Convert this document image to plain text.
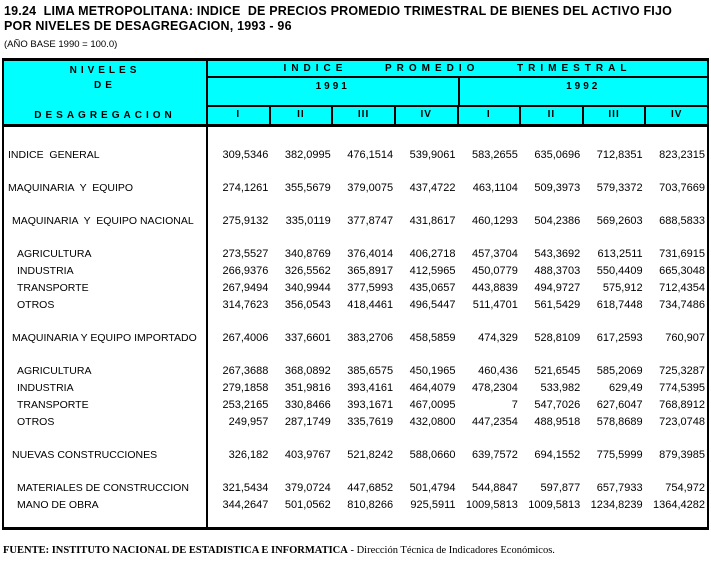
19.24  LIMA METROPOLITANA: INDICE  DE PRECIOS PROMEDIO TRIMESTRAL DE BIENES DEL ACTIVO FIJO
POR NIVELES DE DESAGREGACION, 1993 - 96
(AÑO BASE 1990 = 100.0)
NIVELES
DE
DESAGREGACION
INDICE  PROMEDIO  TRIMESTRAL
1991	1992
I	II	III	IV	I	II	III	IV
INDICE  GENERAL	309,5346	382,0995	476,1514	539,9061	583,2655	635,0696	712,8351	823,2315
MAQUINARIA  Y  EQUIPO	274,1261	355,5679	379,0075	437,4722	463,1104	509,3973	579,3372	703,7669
MAQUINARIA  Y  EQUIPO NACIONAL	275,9132	335,0119	377,8747	431,8617	460,1293	504,2386	569,2603	688,5833
AGRICULTURA	273,5527	340,8769	376,4014	406,2718	457,3704	543,3692	613,2511	731,6915
INDUSTRIA	266,9376	326,5562	365,8917	412,5965	450,0779	488,3703	550,4409	665,3048
TRANSPORTE	267,9494	340,9944	377,5993	435,0657	443,8839	494,9727	575,912	712,4354
OTROS	314,7623	356,0543	418,4461	496,5447	511,4701	561,5429	618,7448	734,7486
MAQUINARIA Y EQUIPO IMPORTADO	267,4006	337,6601	383,2706	458,5859	474,329	528,8109	617,2593	760,907
AGRICULTURA	267,3688	368,0892	385,6575	450,1965	460,436	521,6545	585,2069	725,3287
INDUSTRIA	279,1858	351,9816	393,4161	464,4079	478,2304	533,982	629,49	774,5395
TRANSPORTE	253,2165	330,8466	393,1671	467,0095	7	547,7026	627,6047	768,8912
OTROS	249,957	287,1749	335,7619	432,0800	447,2354	488,9518	578,8689	723,0748
NUEVAS CONSTRUCCIONES	326,182	403,9767	521,8242	588,0660	639,7572	694,1552	775,5999	879,3985
MATERIALES DE CONSTRUCCION	321,5434	379,0724	447,6852	501,4794	544,8847	597,877	657,7933	754,972
MANO DE OBRA	344,2647	501,0562	810,8266	925,5911 1009,5813 1009,5813 1234,8239 1364,4282
FUENTE: INSTITUTO NACIONAL DE ESTADISTICA E INFORMATICA - Dirección Técnica de Indicadores Económicos.
